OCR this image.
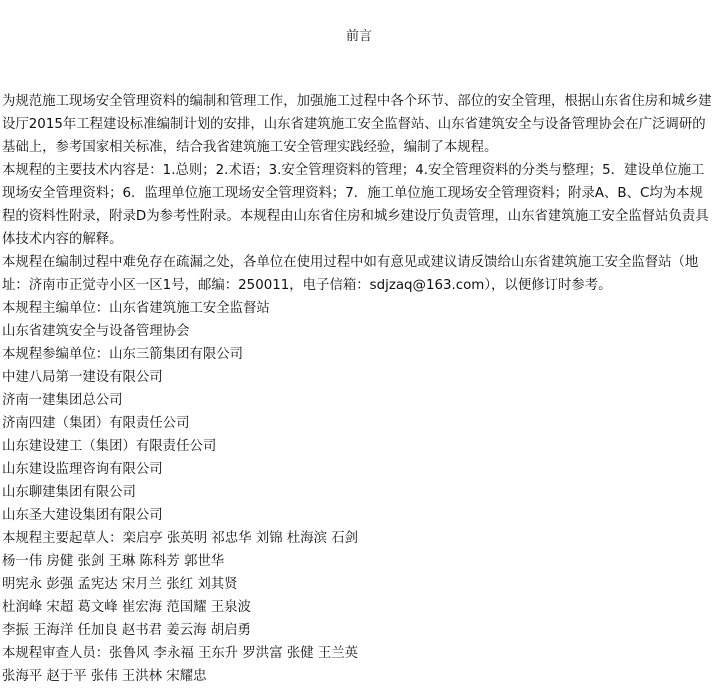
前言

为规范施工现场安全管理资料的编制和管理工作，加强施工过程中各个环节、部位的安全管理，根据山东省住房和城乡建设厅2015年工程建设标准编制计划的安排，山东省建筑施工安全监督站、山东省建筑安全与设备管理协会在广泛调研的基础上，参考国家相关标准，结合我省建筑施工安全管理实践经验，编制了本规程。

本规程的主要技术内容是：1.总则；2.术语；3.安全管理资料的管理；4.安全管理资料的分类与整理；5．建设单位施工现场安全管理资料；6．监理单位施工现场安全管理资料；7．施工单位施工现场安全管理资料；附录A、B、C均为本规程的资料性附录，附录D为参考性附录。本规程由山东省住房和城乡建设厅负责管理，山东省建筑施工安全监督站负责具体技术内容的解释。

本规程在编制过程中难免存在疏漏之处，各单位在使用过程中如有意见或建议请反馈给山东省建筑施工安全监督站（地址：济南市正觉寺小区一区1号，邮编：250011，电子信箱：sdjzaq@163.com），以便修订时参考。

本规程主编单位：山东省建筑施工安全监督站

山东省建筑安全与设备管理协会

本规程参编单位：山东三箭集团有限公司

中建八局第一建设有限公司

济南一建集团总公司

济南四建（集团）有限责任公司

山东建设建工（集团）有限责任公司

山东建设监理咨询有限公司

山东聊建集团有限公司

山东圣大建设集团有限公司

本规程主要起草人：栾启亭 张英明 祁忠华 刘锦 杜海滨 石剑

杨一伟 房健 张剑 王琳 陈科芳 郭世华

明宪永 彭强 孟宪达 宋月兰 张红 刘其贤

杜润峰 宋超 葛文峰 崔宏海 范国耀 王泉波

李振 王海洋 任加良 赵书君 姜云海 胡启勇

本规程审查人员：张鲁风 李永福 王东升 罗洪富 张健 王兰英

张海平 赵于平 张伟 王洪林 宋耀忠
